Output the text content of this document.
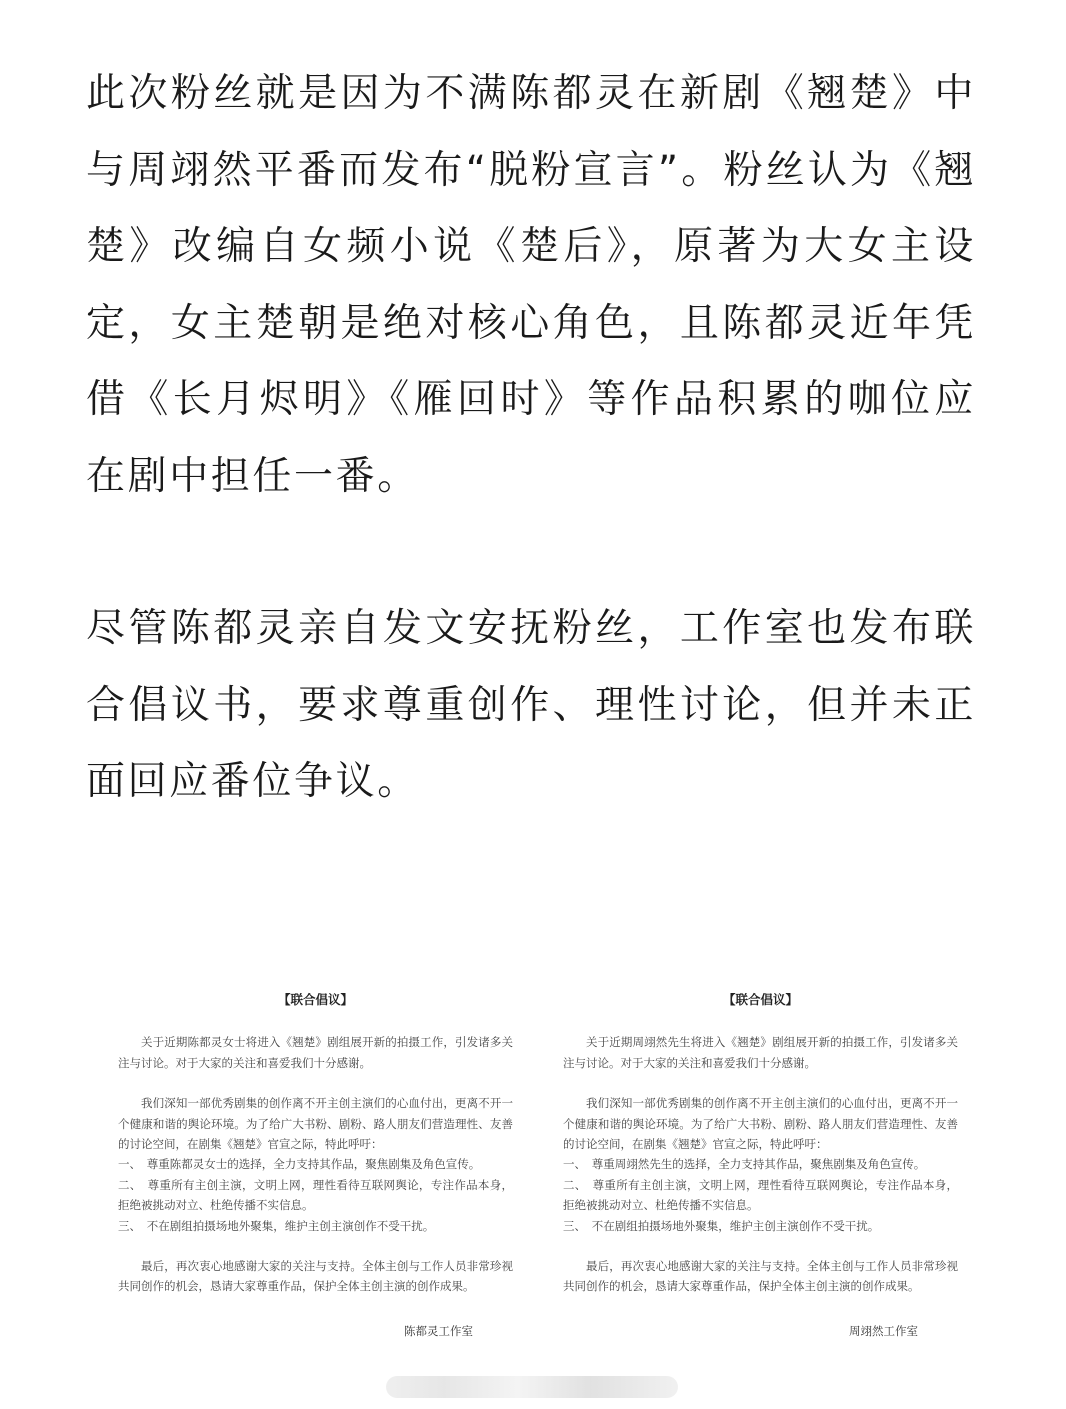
此次粉丝就是因为不满陈都灵在新剧《翘楚》中与周翊然平番而发布“脱粉宣言”。粉丝认为《翘楚》改编自女频小说《楚后》，原著为大女主设定，女主楚朝是绝对核心角色，且陈都灵近年凭借《长月烬明》《雁回时》等作品积累的咖位应在剧中担任一番。

尽管陈都灵亲自发文安抚粉丝，工作室也发布联合倡议书，要求尊重创作、理性讨论，但并未正面回应番位争议。

【联合倡议】

关于近期陈都灵女士将进入《翘楚》剧组展开新的拍摄工作，引发诸多关注与讨论。对于大家的关注和喜爱我们十分感谢。

我们深知一部优秀剧集的创作离不开主创主演们的心血付出，更离不开一个健康和谐的舆论环境。为了给广大书粉、剧粉、路人朋友们营造理性、友善的讨论空间，在剧集《翘楚》官宣之际，特此呼吁：

一、　尊重陈都灵女士的选择，全力支持其作品，聚焦剧集及角色宣传。

二、　尊重所有主创主演，文明上网，理性看待互联网舆论，专注作品本身，拒绝被挑动对立、杜绝传播不实信息。

三、　不在剧组拍摄场地外聚集，维护主创主演创作不受干扰。

最后，再次衷心地感谢大家的关注与支持。全体主创与工作人员非常珍视共同创作的机会，恳请大家尊重作品，保护全体主创主演的创作成果。

陈都灵工作室

【联合倡议】

关于近期周翊然先生将进入《翘楚》剧组展开新的拍摄工作，引发诸多关注与讨论。对于大家的关注和喜爱我们十分感谢。

我们深知一部优秀剧集的创作离不开主创主演们的心血付出，更离不开一个健康和谐的舆论环境。为了给广大书粉、剧粉、路人朋友们营造理性、友善的讨论空间，在剧集《翘楚》官宣之际，特此呼吁：

一、　尊重周翊然先生的选择，全力支持其作品，聚焦剧集及角色宣传。

二、　尊重所有主创主演，文明上网，理性看待互联网舆论，专注作品本身，拒绝被挑动对立、杜绝传播不实信息。

三、　不在剧组拍摄场地外聚集，维护主创主演创作不受干扰。

最后，再次衷心地感谢大家的关注与支持。全体主创与工作人员非常珍视共同创作的机会，恳请大家尊重作品，保护全体主创主演的创作成果。

周翊然工作室
